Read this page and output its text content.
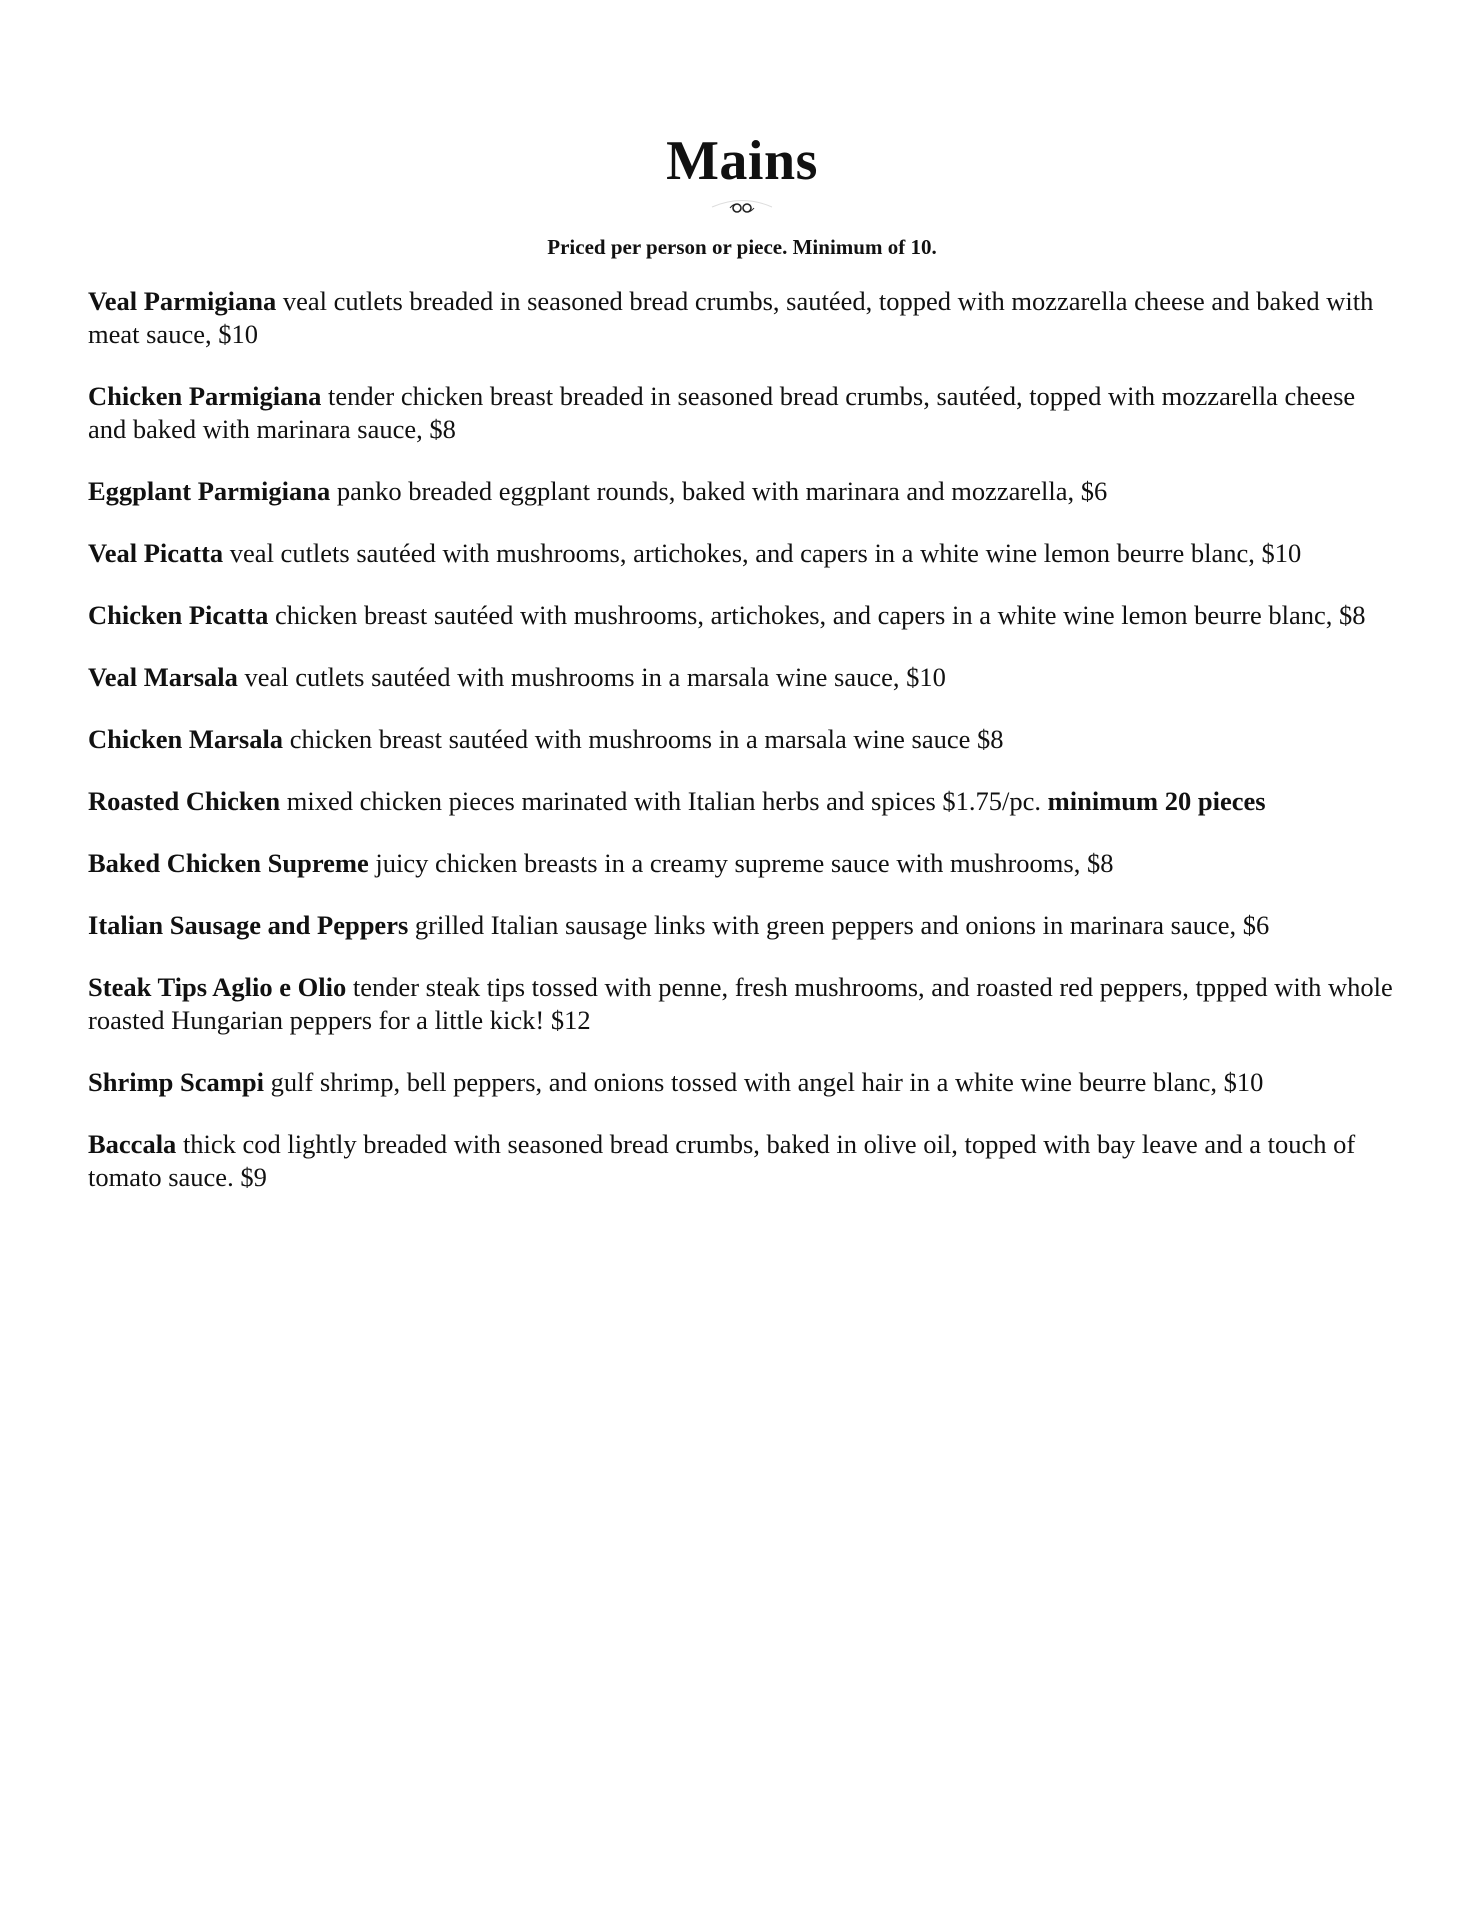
Mains
Priced per person or piece. Minimum of 10.

Veal Parmigiana veal cutlets breaded in seasoned bread crumbs, sautéed, topped with mozzarella cheese and baked with meat sauce, $10

Chicken Parmigiana tender chicken breast breaded in seasoned bread crumbs, sautéed, topped with mozzarella cheese and baked with marinara sauce, $8

Eggplant Parmigiana panko breaded eggplant rounds, baked with marinara and mozzarella, $6

Veal Picatta veal cutlets sautéed with mushrooms, artichokes, and capers in a white wine lemon beurre blanc, $10

Chicken Picatta chicken breast sautéed with mushrooms, artichokes, and capers in a white wine lemon beurre blanc, $8

Veal Marsala veal cutlets sautéed with mushrooms in a marsala wine sauce, $10

Chicken Marsala chicken breast sautéed with mushrooms in a marsala wine sauce $8

Roasted Chicken mixed chicken pieces marinated with Italian herbs and spices $1.75/pc. minimum 20 pieces

Baked Chicken Supreme juicy chicken breasts in a creamy supreme sauce with mushrooms, $8

Italian Sausage and Peppers grilled Italian sausage links with green peppers and onions in marinara sauce, $6

Steak Tips Aglio e Olio tender steak tips tossed with penne, fresh mushrooms, and roasted red peppers, tppped with whole roasted Hungarian peppers for a little kick! $12

Shrimp Scampi gulf shrimp, bell peppers, and onions tossed with angel hair in a white wine beurre blanc, $10

Baccala thick cod lightly breaded with seasoned bread crumbs, baked in olive oil, topped with bay leave and a touch of tomato sauce. $9
